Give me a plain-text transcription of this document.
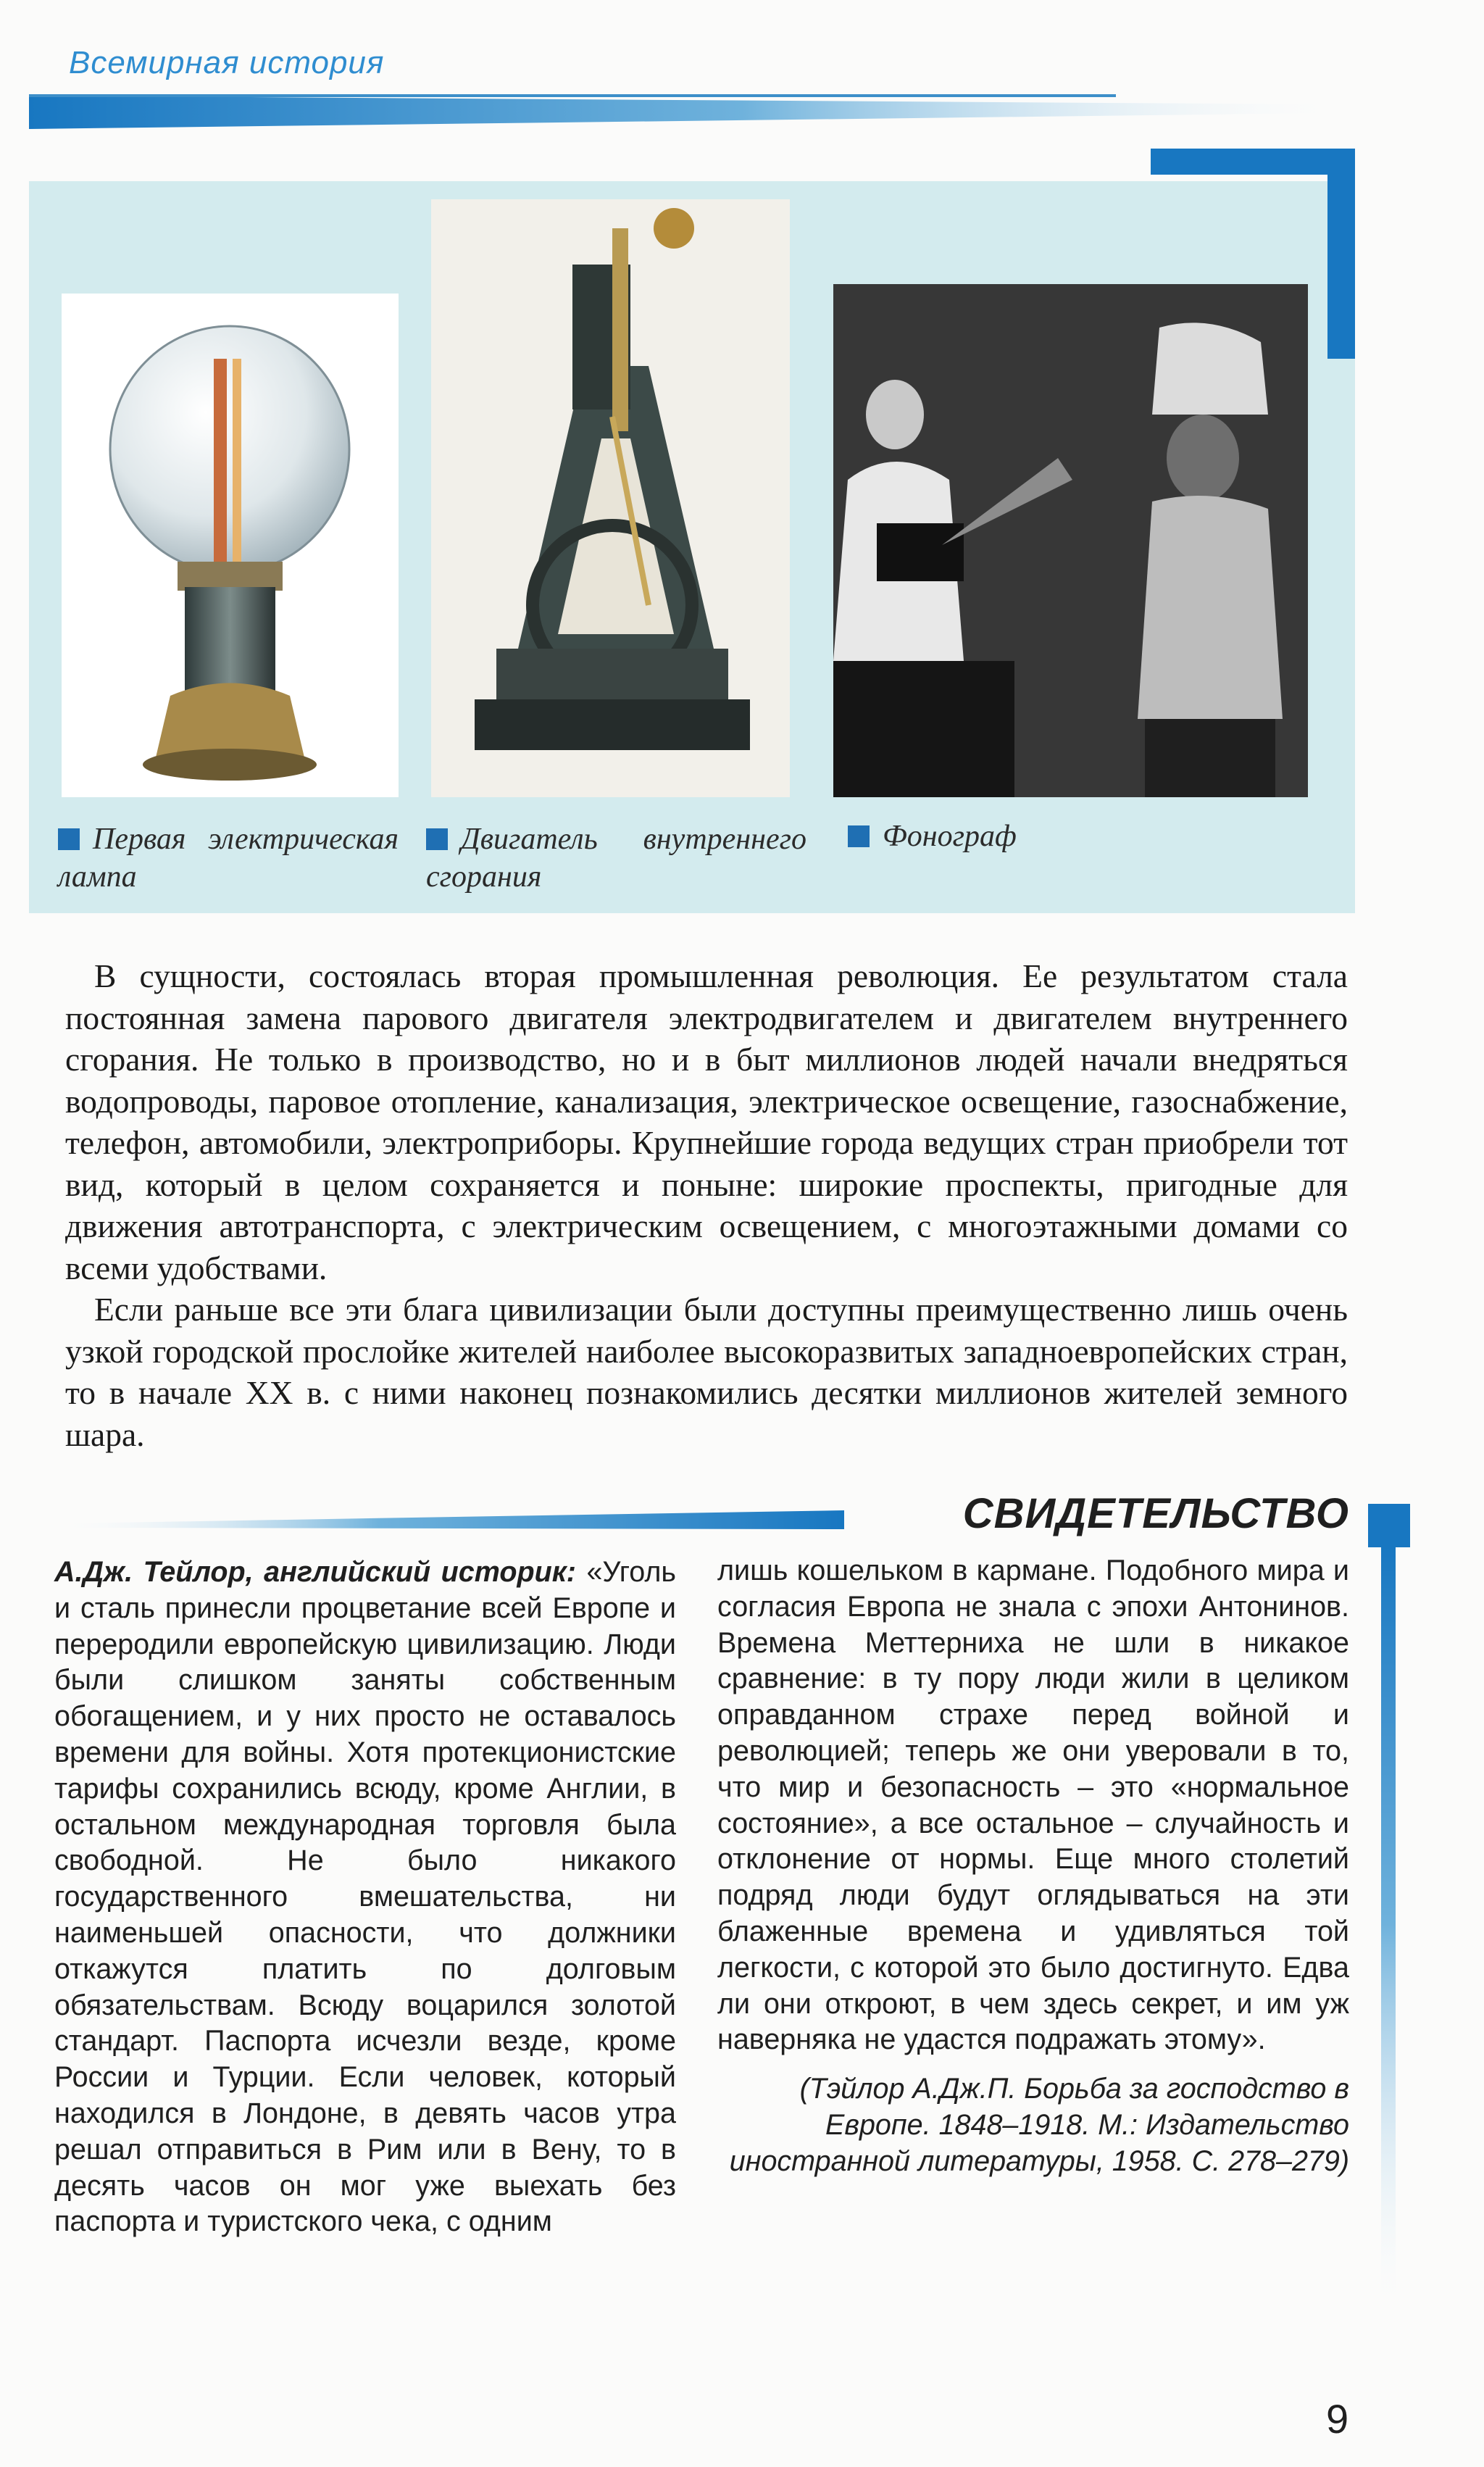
Всемирная история
Первая электрическая лампа
Двигатель внутреннего сгорания
Фонограф

В сущности, состоялась вторая промышленная революция. Ее результатом стала постоянная замена парового двигателя электродвигателем и двигателем внутреннего сгорания. Не только в производство, но и в быт миллионов людей начали внедряться водопроводы, паровое отопление, канализация, электрическое освещение, газоснабжение, телефон, автомобили, электроприборы. Крупнейшие города ведущих стран приобрели тот вид, который в целом сохраняется и поныне: широкие проспекты, пригодные для движения автотранспорта, с электрическим освещением, с многоэтажными домами со всеми удобствами.

Если раньше все эти блага цивилизации были доступны преимущественно лишь очень узкой городской прослойке жителей наиболее высокоразвитых западноевропейских стран, то в начале XX в. с ними наконец познакомились десятки миллионов жителей земного шара.

СВИДЕТЕЛЬСТВО

А.Дж. Тейлор, английский историк: «Уголь и сталь принесли процветание всей Европе и переродили европейскую цивилизацию. Люди были слишком заняты собственным обогащением, и у них просто не оставалось времени для войны. Хотя протекционистские тарифы сохранились всюду, кроме Англии, в остальном международная торговля была свободной. Не было никакого государственного вмешательства, ни наименьшей опасности, что должники откажутся платить по долговым обязательствам. Всюду воцарился золотой стандарт. Паспорта исчезли везде, кроме России и Турции. Если человек, который находился в Лондоне, в девять часов утра решал отправиться в Рим или в Вену, то в десять часов он мог уже выехать без паспорта и туристского чека, с одним

лишь кошельком в кармане. Подобного мира и согласия Европа не знала с эпохи Антонинов. Времена Меттерниха не шли в никакое сравнение: в ту пору люди жили в целиком оправданном страхе перед войной и революцией; теперь же они уверовали в то, что мир и безопасность – это «нормальное состояние», а все остальное – случайность и отклонение от нормы. Еще много столетий подряд люди будут оглядываться на эти блаженные времена и удивляться той легкости, с которой это было достигнуто. Едва ли они откроют, в чем здесь секрет, и им уж наверняка не удастся подражать этому».

(Тэйлор А.Дж.П. Борьба за господство в Европе. 1848–1918. М.: Издательство иностранной литературы, 1958. С. 278–279)

9
